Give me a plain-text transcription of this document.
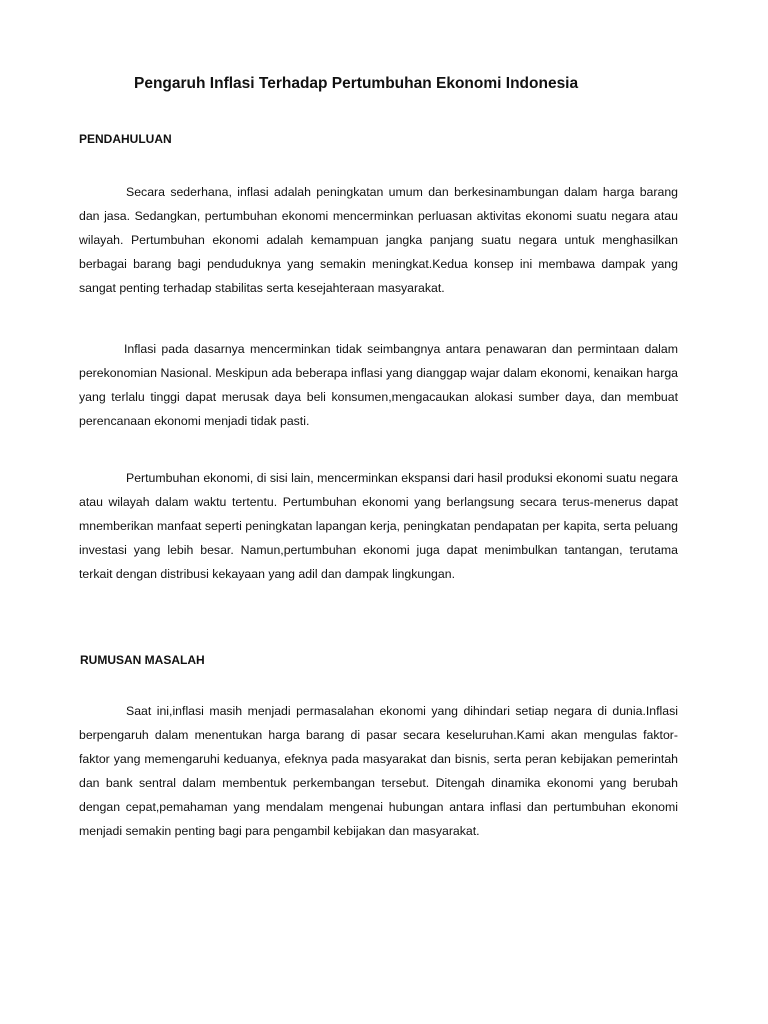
Pengaruh Inflasi Terhadap Pertumbuhan Ekonomi Indonesia
PENDAHULUAN

Secara sederhana, inflasi adalah peningkatan umum dan berkesinambungan dalam harga barang dan jasa. Sedangkan, pertumbuhan ekonomi mencerminkan perluasan aktivitas ekonomi suatu negara atau wilayah. Pertumbuhan ekonomi adalah kemampuan jangka panjang suatu negara untuk menghasilkan berbagai barang bagi penduduknya yang semakin meningkat.Kedua konsep ini membawa dampak yang sangat penting terhadap stabilitas serta kesejahteraan masyarakat.

Inflasi pada dasarnya mencerminkan tidak seimbangnya antara penawaran dan permintaan dalam perekonomian Nasional. Meskipun ada beberapa inflasi yang dianggap wajar dalam ekonomi, kenaikan harga yang terlalu tinggi dapat merusak daya beli konsumen,mengacaukan alokasi sumber daya, dan membuat perencanaan ekonomi menjadi tidak pasti.

Pertumbuhan ekonomi, di sisi lain, mencerminkan ekspansi dari hasil produksi ekonomi suatu negara atau wilayah dalam waktu tertentu. Pertumbuhan ekonomi yang berlangsung secara terus-menerus dapat mnemberikan manfaat seperti peningkatan lapangan kerja, peningkatan pendapatan per kapita, serta peluang investasi yang lebih besar. Namun,pertumbuhan ekonomi juga dapat menimbulkan tantangan, terutama terkait dengan distribusi kekayaan yang adil dan dampak lingkungan.

RUMUSAN MASALAH

Saat ini,inflasi masih menjadi permasalahan ekonomi yang dihindari setiap negara di dunia.Inflasi berpengaruh dalam menentukan harga barang di pasar secara keseluruhan.Kami akan mengulas faktor-faktor yang memengaruhi keduanya, efeknya pada masyarakat dan bisnis, serta peran kebijakan pemerintah dan bank sentral dalam membentuk perkembangan tersebut. Ditengah dinamika ekonomi yang berubah dengan cepat,pemahaman yang mendalam mengenai hubungan antara inflasi dan pertumbuhan ekonomi menjadi semakin penting bagi para pengambil kebijakan dan masyarakat.
